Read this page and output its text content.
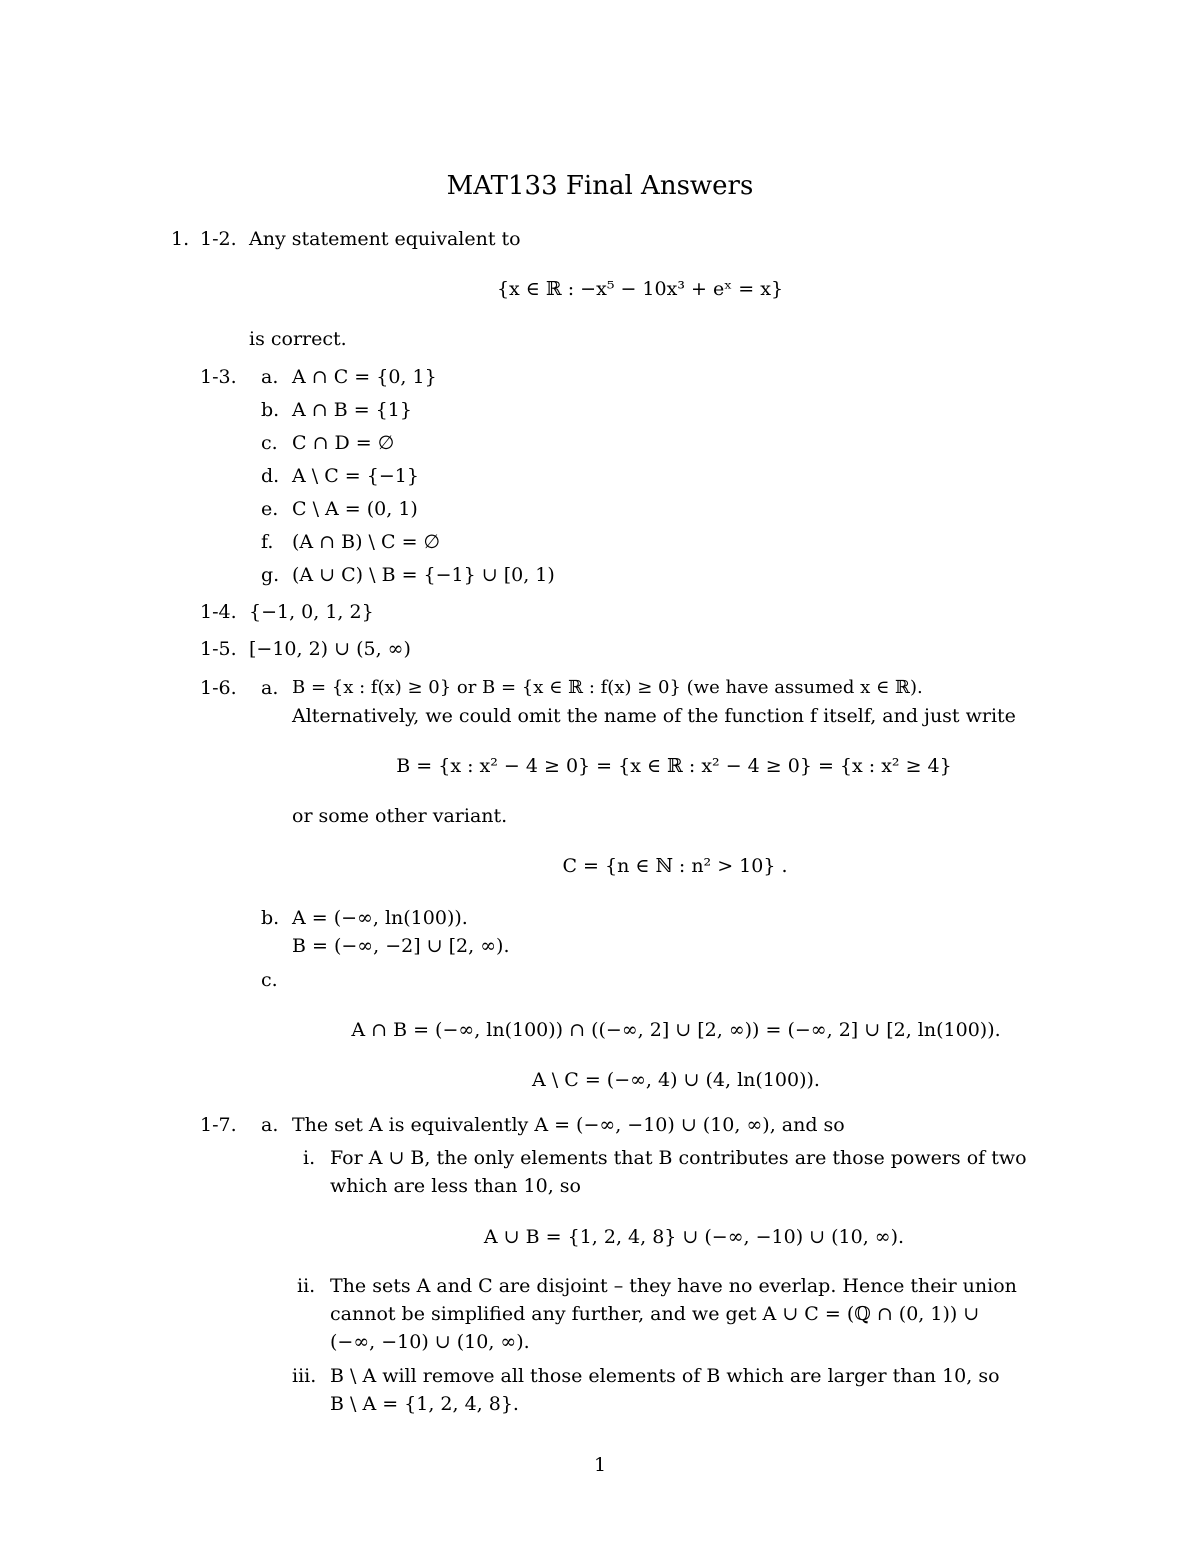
MAT133 Final Answers
1. 1-2. Any statement equivalent to
{x ∈ ℝ : −x⁵ − 10x³ + eˣ = x}
is correct.
1-3. a. A ∩ C = {0, 1}
b. A ∩ B = {1}
c. C ∩ D = ∅
d. A \ C = {−1}
e. C \ A = (0, 1)
f. (A ∩ B) \ C = ∅
g. (A ∪ C) \ B = {−1} ∪ [0, 1)
1-4. {−1, 0, 1, 2}
1-5. [−10, 2) ∪ (5, ∞)
1-6. a. B = {x : f(x) ≥ 0} or B = {x ∈ ℝ : f(x) ≥ 0} (we have assumed x ∈ ℝ).
Alternatively, we could omit the name of the function f itself, and just write
B = {x : x² − 4 ≥ 0} = {x ∈ ℝ : x² − 4 ≥ 0} = {x : x² ≥ 4}
or some other variant.
C = {n ∈ ℕ : n² > 10} .
b. A = (−∞, ln(100)).
B = (−∞, −2] ∪ [2, ∞).
c.
A ∩ B = (−∞, ln(100)) ∩ ((−∞, 2] ∪ [2, ∞)) = (−∞, 2] ∪ [2, ln(100)).
A \ C = (−∞, 4) ∪ (4, ln(100)).
1-7. a. The set A is equivalently A = (−∞, −10) ∪ (10, ∞), and so
i. For A ∪ B, the only elements that B contributes are those powers of two
which are less than 10, so
A ∪ B = {1, 2, 4, 8} ∪ (−∞, −10) ∪ (10, ∞).
ii. The sets A and C are disjoint – they have no everlap. Hence their union
cannot be simplified any further, and we get A ∪ C = (ℚ ∩ (0, 1)) ∪
(−∞, −10) ∪ (10, ∞).
iii. B \ A will remove all those elements of B which are larger than 10, so
B \ A = {1, 2, 4, 8}.
1
